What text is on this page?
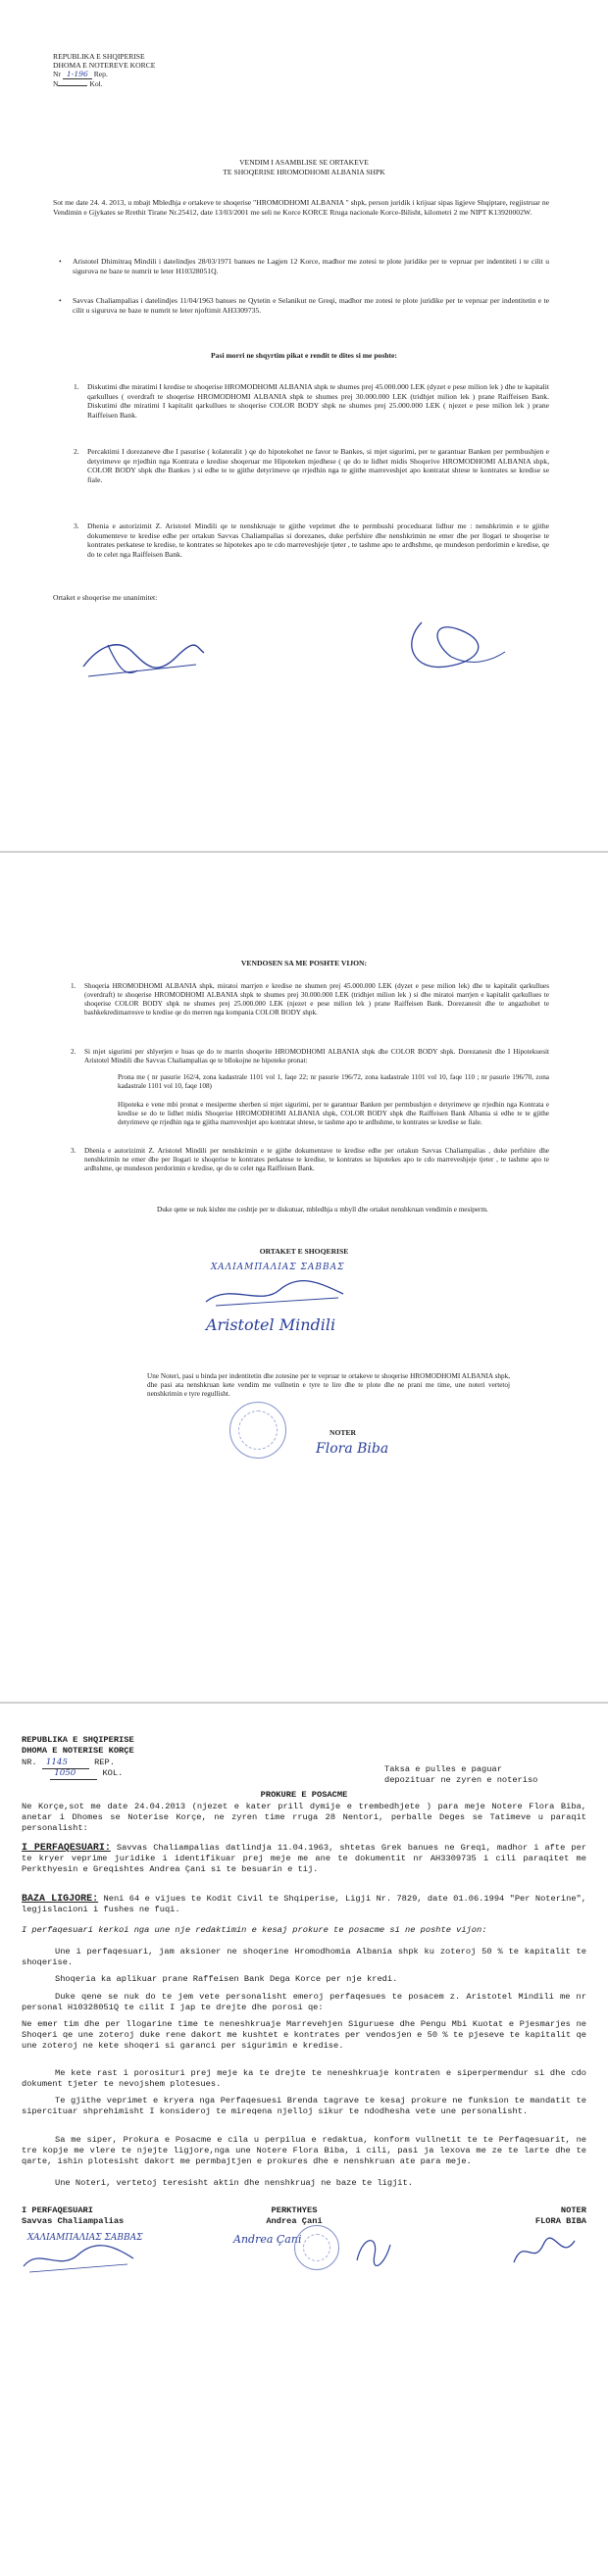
REPUBLIKA E SHQIPERISE
DHOMA E NOTEREVE KORCE
Nr 1-196 Rep.
N	Kol.
VENDIM I ASAMBLISE SE ORTAKEVE
TE SHOQERISE HROMODHOMI ALBANIA SHPK
Sot me date 24. 4. 2013, u mbajt Mbledhja e ortakeve te shoqerise "HROMODHOMI ALBANIA " shpk, person juridik i krijuar sipas ligjeve Shqiptare, regjistruar ne Vendimin e Gjykates se Rrethit Tirane Nr.25412, date 13/03/2001 me seli ne Korce KORCE Rruga nacionale Korce-Bilisht, kilometri 2 me NIPT K13920002W.
• Aristotel Dhimitraq Mindili i datelindjes 28/03/1971 banues ne Lagjen 12 Korce, madhor me zotesi te plote juridike per te vepruar per indentiteti i te cilit u siguruva ne baze te numrit te leter H10328051Q.
• Savvas Chaliampalias i datelindjes 11/04/1963 banues ne Qytetin e Selanikut ne Greqi, madhor me zotesi te plote juridike per te vepruar per indentitetin e te cilit u siguruva ne baze te numrit te leter njoftimit AH3309735.
Pasi morri ne shqyrtim pikat e rendit te dites si me poshte:
1. Diskutimi dhe miratimi I kredise te shoqerise HROMODHOMI ALBANIA shpk te shumes prej 45.000.000 LEK (dyzet e pese milion lek ) dhe te kapitalit qarkullues ( overdraft te shoqerise HROMODHOMI ALBANIA shpk te shumes prej 30.000.000 LEK (tridhjet milion lek ) prane Raiffeisen Bank. Diskutimi dhe miratimi I kapitalit qarkullues te shoqerise COLOR BODY shpk ne shumes prej 25.000.000 LEK ( njezet e pese milion lek ) prane Raiffeisen Bank.
2. Percaktimi I dorezaneve dhe I pasurise ( kolateralit ) qe do hipotekohet ne favor te Bankes, si mjet sigurimi, per te garantuar Banken per permbushjen e detyrimeve qe rrjedhin nga Kontrata e kredise shoqeruar me Hipoteken mjedhese ( qe do te lidhet midis Shoqerive HROMODHOMI ALBANIA shpk, COLOR BODY shpk dhe Bankes ) si edhe te te gjithe detyrimeve qe rrjedhin nga te gjithe marreveshjet apo kontratat shtese te kontrates se kredise se fiale.
3. Dhenia e autorizimit Z. Aristotel Mindili qe te nenshkruaje te gjithe veprimet dhe te permbushi proceduarat lidhur me : nenshkrimin e te gjithe dokumenteve te kredise edhe per ortakun Savvas Chaliampalias si dorezanes, duke perfshire dhe nenshkrimin ne emer dhe per llogari te shoqerise te kontrates perkatese te kredise, te kontrates se hipotekes apo te cdo marreveshjeje tjeter , te tashme apo te ardhshme, qe mundeson perdorimin e kredise, qe do te celet nga Raiffeisen Bank.
Ortaket e shoqerise me unanimitet:
VENDOSEN SA ME POSHTE VIJON:
1. Shoqeria HROMODHOMI ALBANIA shpk, miratoi marrjen e kredise ne shumen prej 45.000.000 LEK (dyzet e pese milion lek) dhe te kapitalit qarkullues (overdraft) te shoqerise HROMODHOMI ALBANIA shpk te shumes prej 30.000.000 LEK (tridhjet milion lek ) si dhe miratoi marrjen e kapitalit qarkullues te shoqerise COLOR BODY shpk ne shumes prej 25.000.000 LEK (njezet e pese milion lek ) prane Raiffeisen Bank. Dorezanesit dhe te angazhohet te bashkekredimarresve te kredise qe do merren nga kompania COLOR BODY shpk.
2. Si mjet sigurimi per shlyerjen e huas qe do te marrin shoqerite HROMODHOMI ALBANIA shpk dhe COLOR BODY shpk. Dorezanesit dhe I Hipotekuesit Aristotel Mindili dhe Savvas Chaliampalias qe te bllokojne ne hipoteke pronat:
Prona me ( nr pasurie 162/4, zona kadastrale 1101 vol 1, faqe 22; nr pasurie 196/72, zona kadastrale 1101 vol 10, faqe 110 ; nr pasurie 196/70, zona kadastrale 1101 vol 10, faqe 108)
Hipoteka e vene mbi pronat e mesiperme sherben si mjet sigurimi, per te garantuar Banken per permbushjen e detyrimeve qe rrjedhin nga Kontrata e kredise se do te lidhet midis Shoqerise HROMODHOMI ALBANIA shpk, COLOR BODY shpk dhe Raiffeisen Bank Albania si edhe te te gjithe detyrimeve qe rrjedhin nga te gjitha marreveshjet apo kontratat shtese, te tashme apo te ardhshme, te kontrates se kredise se fiale.
3. Dhenia e autorizimit Z. Aristotel Mindili per nenshkrimin e te gjithe dokumentave te kredise edhe per ortakun Savvas Chaliampalias , duke perfshire dhe nenshkrimin ne emer dhe per llogari te shoqerise te kontrates perkatese te kredise, te kontrates se hipotekes apo te cdo marreveshjeje tjeter , te tashme apo te ardhshme, qe mundeson perdorimin e kredise, qe do te celet nga Raiffeisen Bank.
Duke qene se nuk kishte me ceshtje per te diskutuar, mbledhja u mbyll dhe ortaket nenshkruan vendimin e mesiperm.
ORTAKET E SHOQERISE
XAΛIAMΠAΛIAΣ ΣABBAΣ
Aristotel Mindili
Une Noteri, pasi u binda per indentitetin dhe zotesine per te vepruar te ortakeve te shoqerise HROMODHOMI ALBANIA shpk, dhe pasi ata nenshkruan kete vendim me vullnetin e tyre te lire dhe te plote dhe ne prani me time, une noteri vertetoj nenshkrimin e tyre regullisht.
NOTER
Flora Biba
REPUBLIKA E SHQIPERISE
DHOMA E NOTERISE KORÇE
NR. 1145	REP.
1050	KOL.	Taksa e pulles e paguar
depozituar ne zyren e noteriso
PROKURE E POSACME
Ne Korçe,sot me date 24.04.2013 (njezet e kater prill dymije e trembedhjete ) para meje Notere Flora Biba, anetar i Dhomes se Noterise Korçe, ne zyren time rruga 28 Nentori, perballe Deges se Tatimeve u paraqit personalisht:
I PERFAQESUARI: Savvas Chaliampalias datlindja 11.04.1963, shtetas Grek banues ne Greqi, madhor i afte per te kryer veprime juridike i identifikuar prej meje me ane te dokumentit nr AH3309735 i cili paraqitet me Perkthyesin e Greqishtes Andrea Çani si te besuarin e tij.
BAZA LIGJORE: Neni 64 e vijues te Kodit Civil te Shqiperise, Ligji Nr. 7829, date 01.06.1994 "Per Noterine", legjislacioni i fushes ne fuqi.
I perfaqesuari kerkoi nga une nje redaktimin e kesaj prokure te posacme si ne poshte vijon:
Une i perfaqesuari, jam aksioner ne shoqerine Hromodhomia Albania shpk ku zoteroj 50 % te kapitalit te shoqerise.
Shoqeria ka aplikuar prane Raffeisen Bank Dega Korce per nje kredi.
Duke qene se nuk do te jem vete personalisht emeroj perfaqesues te posacem z. Aristotel Mindili me nr personal H10328051Q te cilit I jap te drejte dhe porosi qe:
Ne emer tim dhe per llogarine time te neneshkruaje Marrevehjen Siguruese dhe Pengu Mbi Kuotat e Pjesmarjes ne Shoqeri qe une zoteroj duke rene dakort me kushtet e kontrates per vendosjen e 50 % te pjeseve te kapitalit qe une zoteroj ne kete shoqeri si garanci per sigurimin e kredise.
Me kete rast i porosituri prej meje ka te drejte te neneshkruaje kontraten e siperpermendur si dhe cdo dokument tjeter te nevojshem plotesues.
Te gjithe veprimet e kryera nga Perfaqesuesi Brenda tagrave te kesaj prokure ne funksion te mandatit te sipercituar shprehimisht I konsideroj te mireqena njelloj sikur te ndodhesha vete une personalisht.
Sa me siper, Prokura e Posacme e cila u perpilua e redaktua, konform vullnetit te te Perfaqesuarit, ne tre kopje me vlere te njejte ligjore,nga une Notere Flora Biba, i cili, pasi ja lexova me ze te larte dhe te qarte, ishin plotesisht dakort me permbajtjen e prokures dhe e nenshkruan ate para meje.
Une Noteri, vertetoj teresisht aktin dhe nenshkruaj ne baze te ligjit.
I PERFAQESUARI
Savvas Chaliampalias
PERKTHYES
Andrea Çani
NOTER
FLORA BIBA
XAΛIAMΠAΛIAΣ ΣABBAΣ	Andrea Çani
